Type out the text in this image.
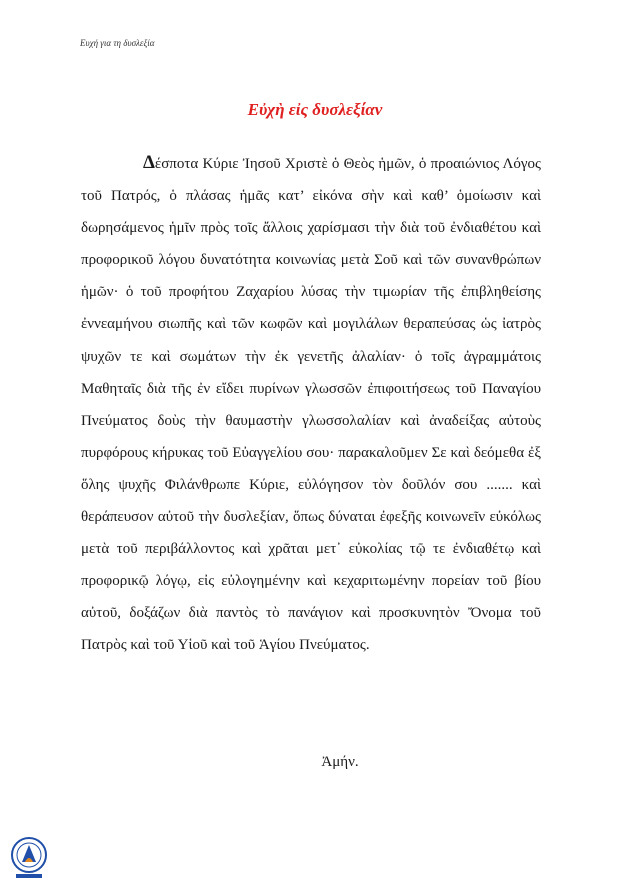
Ευχή για τη δυσλεξία
Εὐχὴ εἰς δυσλεξίαν

Δέσποτα Κύριε Ἰησοῦ Χριστὲ ὁ Θεὸς ἡμῶν, ὁ προαιώνιος Λόγος τοῦ Πατρός, ὁ πλάσας ἡμᾶς κατ’ εἰκόνα σὴν καὶ καθ’ ὁμοίωσιν καὶ δωρησάμενος ἡμῖν πρὸς τοῖς ἄλλοις χαρίσμασι τὴν διὰ τοῦ ἐνδιαθέτου καὶ προφορικοῦ λόγου δυνατότητα κοινωνίας μετὰ Σοῦ καὶ τῶν συνανθρώπων ἡμῶν· ὁ τοῦ προφήτου Ζαχαρίου λύσας τὴν τιμωρίαν τῆς ἐπιβληθείσης ἐννεαμήνου σιωπῆς καὶ τῶν κωφῶν καὶ μογιλάλων θεραπεύσας ὡς ἰατρὸς ψυχῶν τε καὶ σωμάτων τὴν ἐκ γενετῆς ἀλαλίαν· ὁ τοῖς ἀγραμμάτοις Μαθηταῖς διὰ τῆς ἐν εἴδει πυρίνων γλωσσῶν ἐπιφοιτήσεως τοῦ Παναγίου Πνεύματος δοὺς τὴν θαυμαστὴν γλωσσολαλίαν καὶ ἀναδείξας αὐτοὺς πυρφόρους κήρυκας τοῦ Εὐαγγελίου σου· παρακαλοῦμεν Σε καὶ δεόμεθα ἐξ ὅλης ψυχῆς Φιλάνθρωπε Κύριε, εὐλόγησον τὸν δοῦλόν σου ....... καὶ θεράπευσον αὐτοῦ τὴν δυσλεξίαν, ὅπως δύναται ἐφεξῆς κοινωνεῖν εὐκόλως μετὰ τοῦ περιβάλλοντος καὶ χρᾶται μετ᾽ εὐκολίας τῷ τε ἐνδιαθέτῳ καὶ προφορικῷ λόγῳ, εἰς εὐλογημένην καὶ κεχαριτωμένην πορείαν τοῦ βίου αὐτοῦ, δοξάζων διὰ παντὸς τὸ πανάγιον καὶ προσκυνητὸν Ὄνομα τοῦ Πατρὸς καὶ τοῦ Υἱοῦ καὶ τοῦ Ἁγίου Πνεύματος.

Ἀμήν.
